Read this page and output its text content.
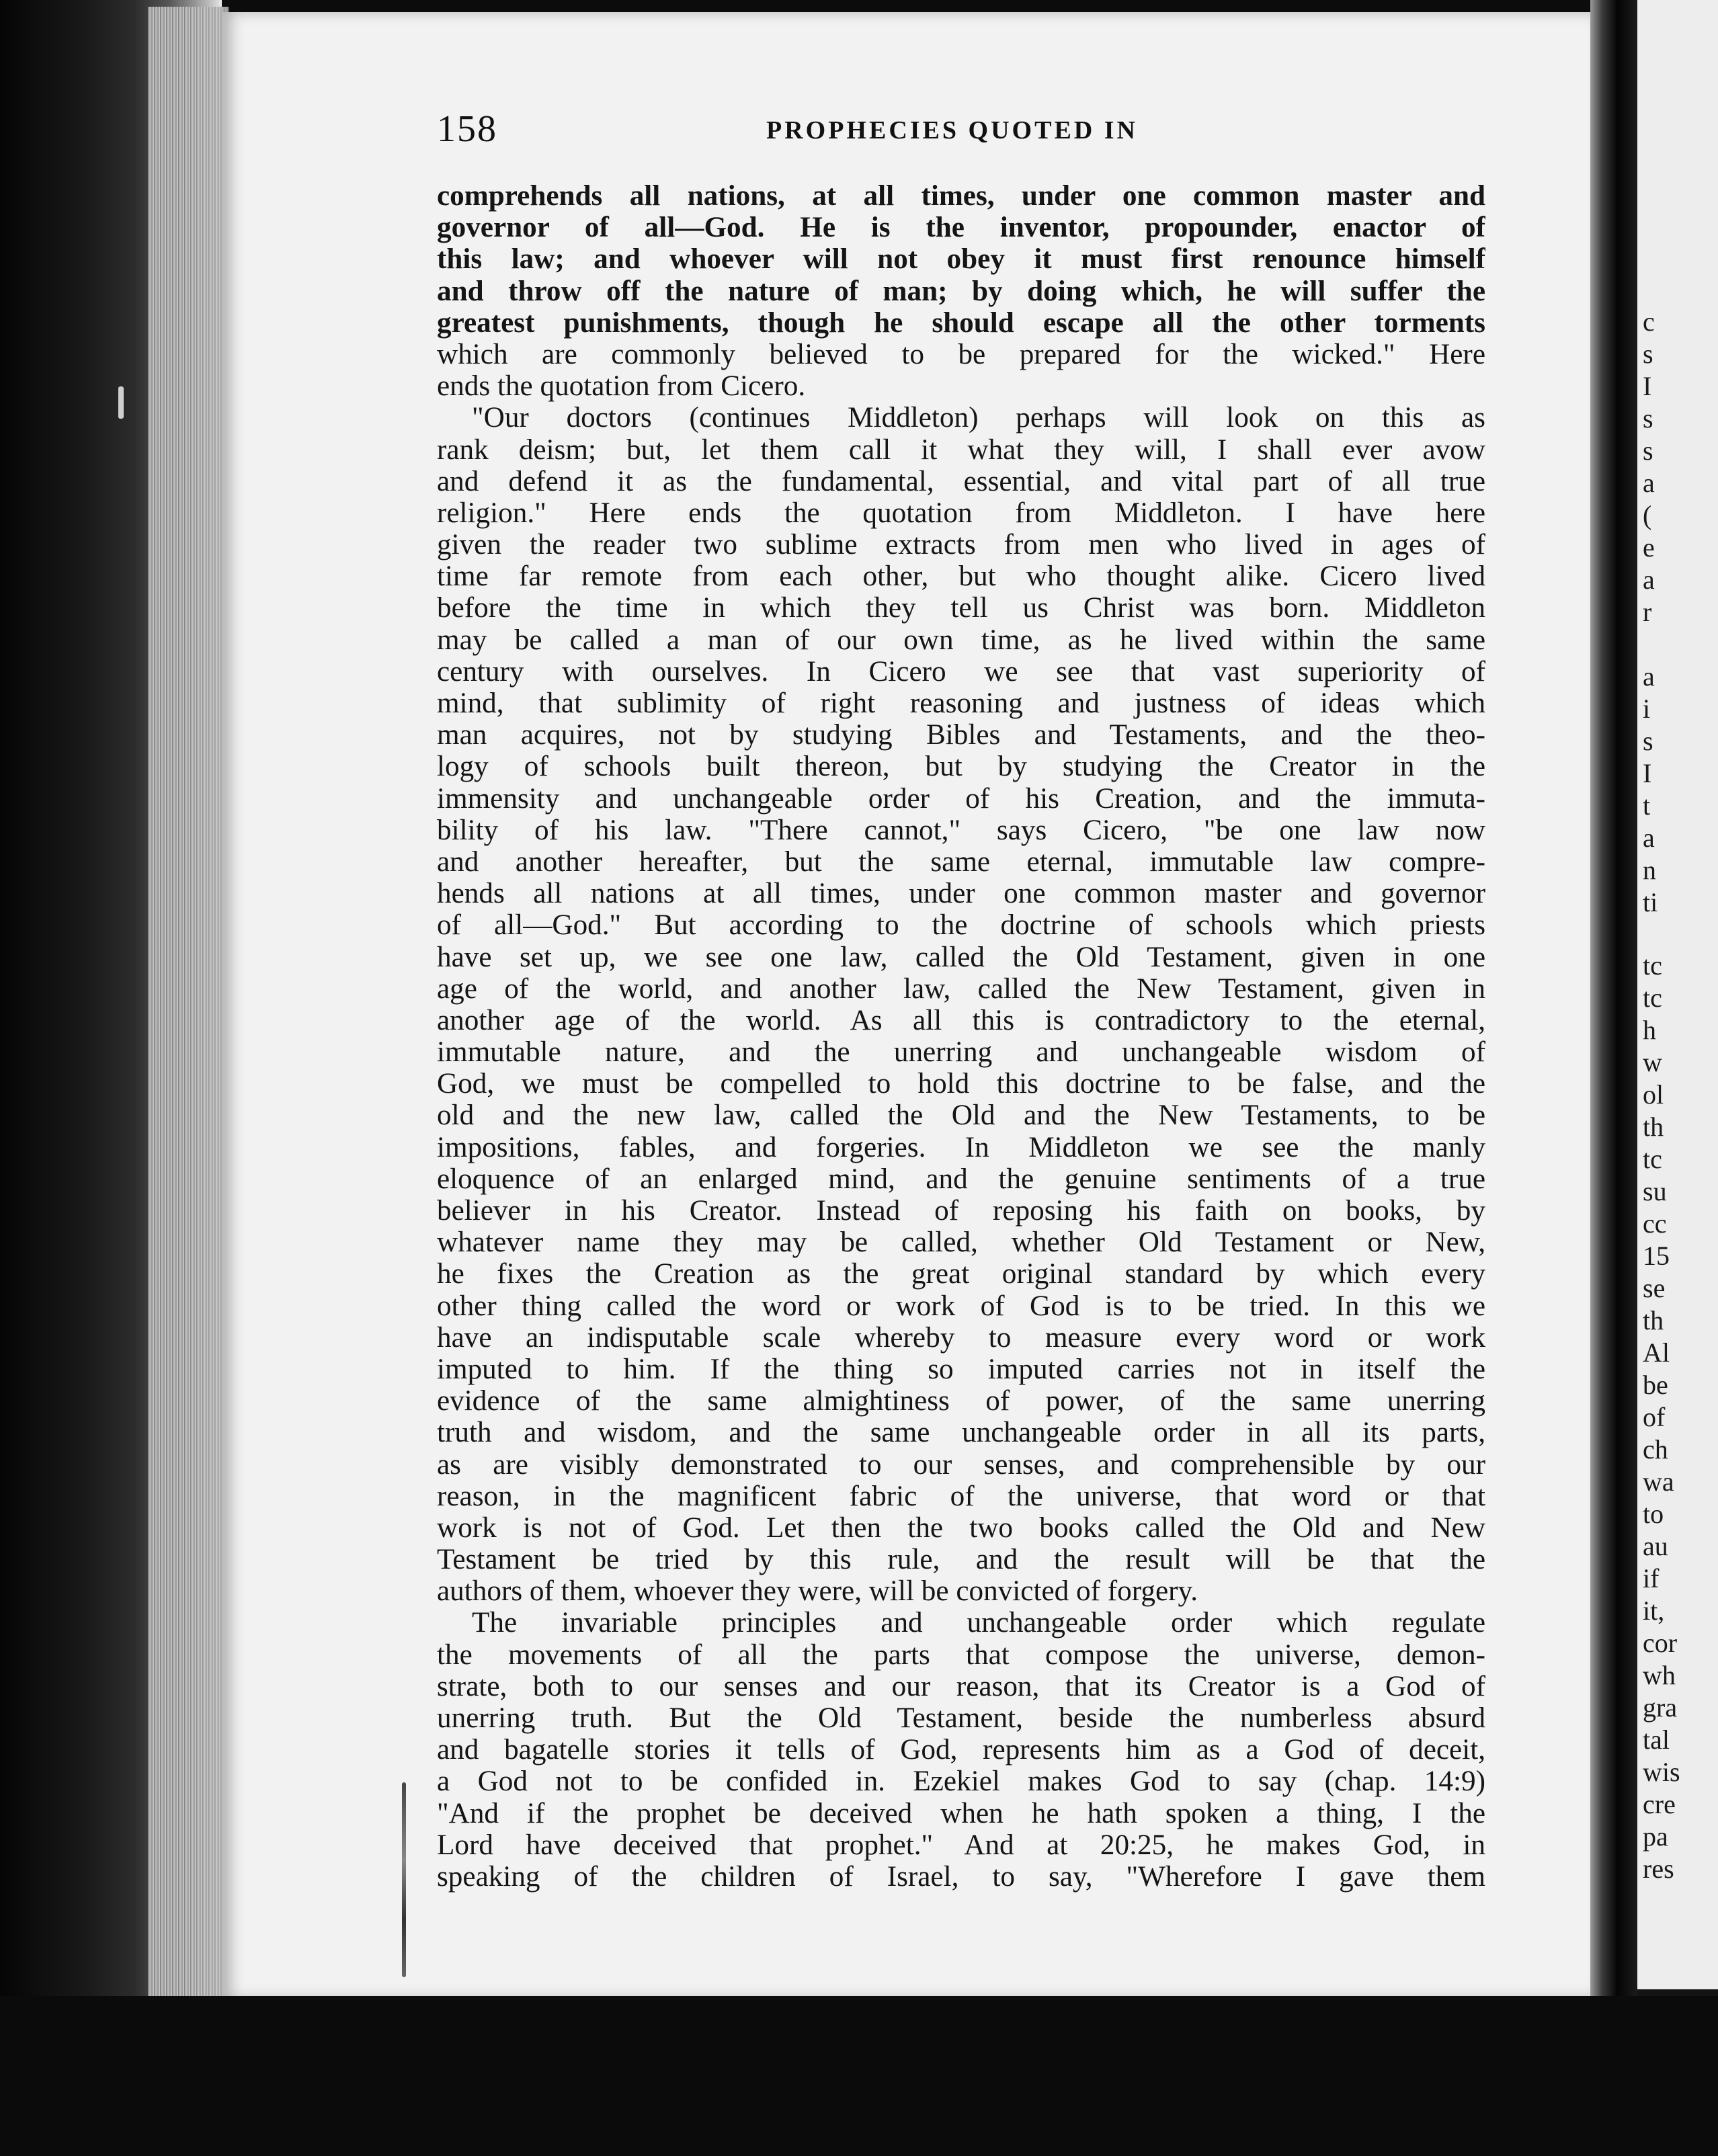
158	PROPHECIES QUOTED IN
comprehends all nations, at all times, under one common master and
governor of all—God. He is the inventor, propounder, enactor of
this law; and whoever will not obey it must first renounce himself
and throw off the nature of man; by doing which, he will suffer the
greatest punishments, though he should escape all the other torments
which are commonly believed to be prepared for the wicked." Here
ends the quotation from Cicero.
"Our doctors (continues Middleton) perhaps will look on this as
rank deism; but, let them call it what they will, I shall ever avow
and defend it as the fundamental, essential, and vital part of all true
religion." Here ends the quotation from Middleton. I have here
given the reader two sublime extracts from men who lived in ages of
time far remote from each other, but who thought alike. Cicero lived
before the time in which they tell us Christ was born. Middleton
may be called a man of our own time, as he lived within the same
century with ourselves. In Cicero we see that vast superiority of
mind, that sublimity of right reasoning and justness of ideas which
man acquires, not by studying Bibles and Testaments, and the theo-
logy of schools built thereon, but by studying the Creator in the
immensity and unchangeable order of his Creation, and the immuta-
bility of his law. "There cannot," says Cicero, "be one law now
and another hereafter, but the same eternal, immutable law compre-
hends all nations at all times, under one common master and governor
of all—God." But according to the doctrine of schools which priests
have set up, we see one law, called the Old Testament, given in one
age of the world, and another law, called the New Testament, given in
another age of the world. As all this is contradictory to the eternal,
immutable nature, and the unerring and unchangeable wisdom of
God, we must be compelled to hold this doctrine to be false, and the
old and the new law, called the Old and the New Testaments, to be
impositions, fables, and forgeries. In Middleton we see the manly
eloquence of an enlarged mind, and the genuine sentiments of a true
believer in his Creator. Instead of reposing his faith on books, by
whatever name they may be called, whether Old Testament or New,
he fixes the Creation as the great original standard by which every
other thing called the word or work of God is to be tried. In this we
have an indisputable scale whereby to measure every word or work
imputed to him. If the thing so imputed carries not in itself the
evidence of the same almightiness of power, of the same unerring
truth and wisdom, and the same unchangeable order in all its parts,
as are visibly demonstrated to our senses, and comprehensible by our
reason, in the magnificent fabric of the universe, that word or that
work is not of God. Let then the two books called the Old and New
Testament be tried by this rule, and the result will be that the
authors of them, whoever they were, will be convicted of forgery.
The invariable principles and unchangeable order which regulate
the movements of all the parts that compose the universe, demon-
strate, both to our senses and our reason, that its Creator is a God of
unerring truth. But the Old Testament, beside the numberless absurd
and bagatelle stories it tells of God, represents him as a God of deceit,
a God not to be confided in. Ezekiel makes God to say (chap. 14:9)
"And if the prophet be deceived when he hath spoken a thing, I the
Lord have deceived that prophet." And at 20:25, he makes God, in
speaking of the children of Israel, to say, "Wherefore I gave them
c
s
I
s
s
a
(
e
a
r
a
i
s
I
t
a
n
ti
tc
tc
h
w
ol
th
tc
su
cc
15
se
th
Al
be
of
ch
wa
to
au
if
it,
cor
wh
gra
tal
wis
cre
pa
res
